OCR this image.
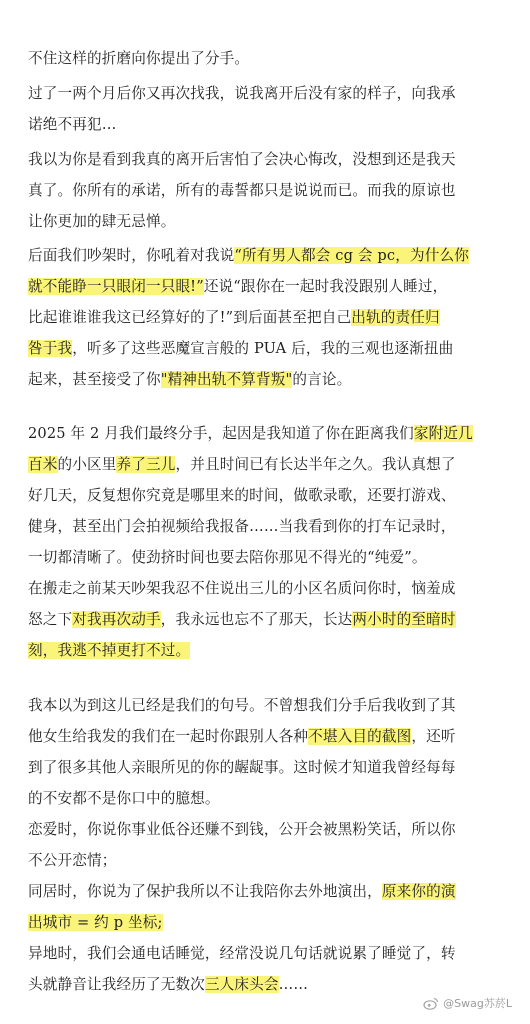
不住这样的折磨向你提出了分手。
过了一两个月后你又再次找我，说我离开后没有家的样子，向我承
诺绝不再犯…
我以为你是看到我真的离开后害怕了会决心悔改，没想到还是我天
真了。你所有的承诺，所有的毒誓都只是说说而已。而我的原谅也
让你更加的肆无忌惮。
后面我们吵架时，你吼着对我说“所有男人都会 cg 会 pc，为什么你
就不能睁一只眼闭一只眼!”还说“跟你在一起时我没跟别人睡过，
比起谁谁谁我这已经算好的了!”到后面甚至把自己出轨的责任归
咎于我，听多了这些恶魔宣言般的 PUA 后，我的三观也逐渐扭曲
起来，甚至接受了你"精神出轨不算背叛"的言论。
2025 年 2 月我们最终分手，起因是我知道了你在距离我们家附近几
百米的小区里养了三儿，并且时间已有长达半年之久。我认真想了
好几天，反复想你究竟是哪里来的时间，做歌录歌，还要打游戏、
健身，甚至出门会拍视频给我报备……当我看到你的打车记录时，
一切都清晰了。使劲挤时间也要去陪你那见不得光的“纯爱”。
在搬走之前某天吵架我忍不住说出三儿的小区名质问你时，恼羞成
怒之下对我再次动手，我永远也忘不了那天，长达两小时的至暗时
刻，我逃不掉更打不过。
我本以为到这儿已经是我们的句号。不曾想我们分手后我收到了其
他女生给我发的我们在一起时你跟别人各种不堪入目的截图，还听
到了很多其他人亲眼所见的你的龌龊事。这时候才知道我曾经每每
的不安都不是你口中的臆想。
恋爱时，你说你事业低谷还赚不到钱，公开会被黑粉笑话，所以你
不公开恋情；
同居时，你说为了保护我所以不让我陪你去外地演出，原来你的演
出城市 = 约 p 坐标;
异地时，我们会通电话睡觉，经常没说几句话就说累了睡觉了，转
头就静音让我经历了无数次三人床头会……
@Swag苏菸L
